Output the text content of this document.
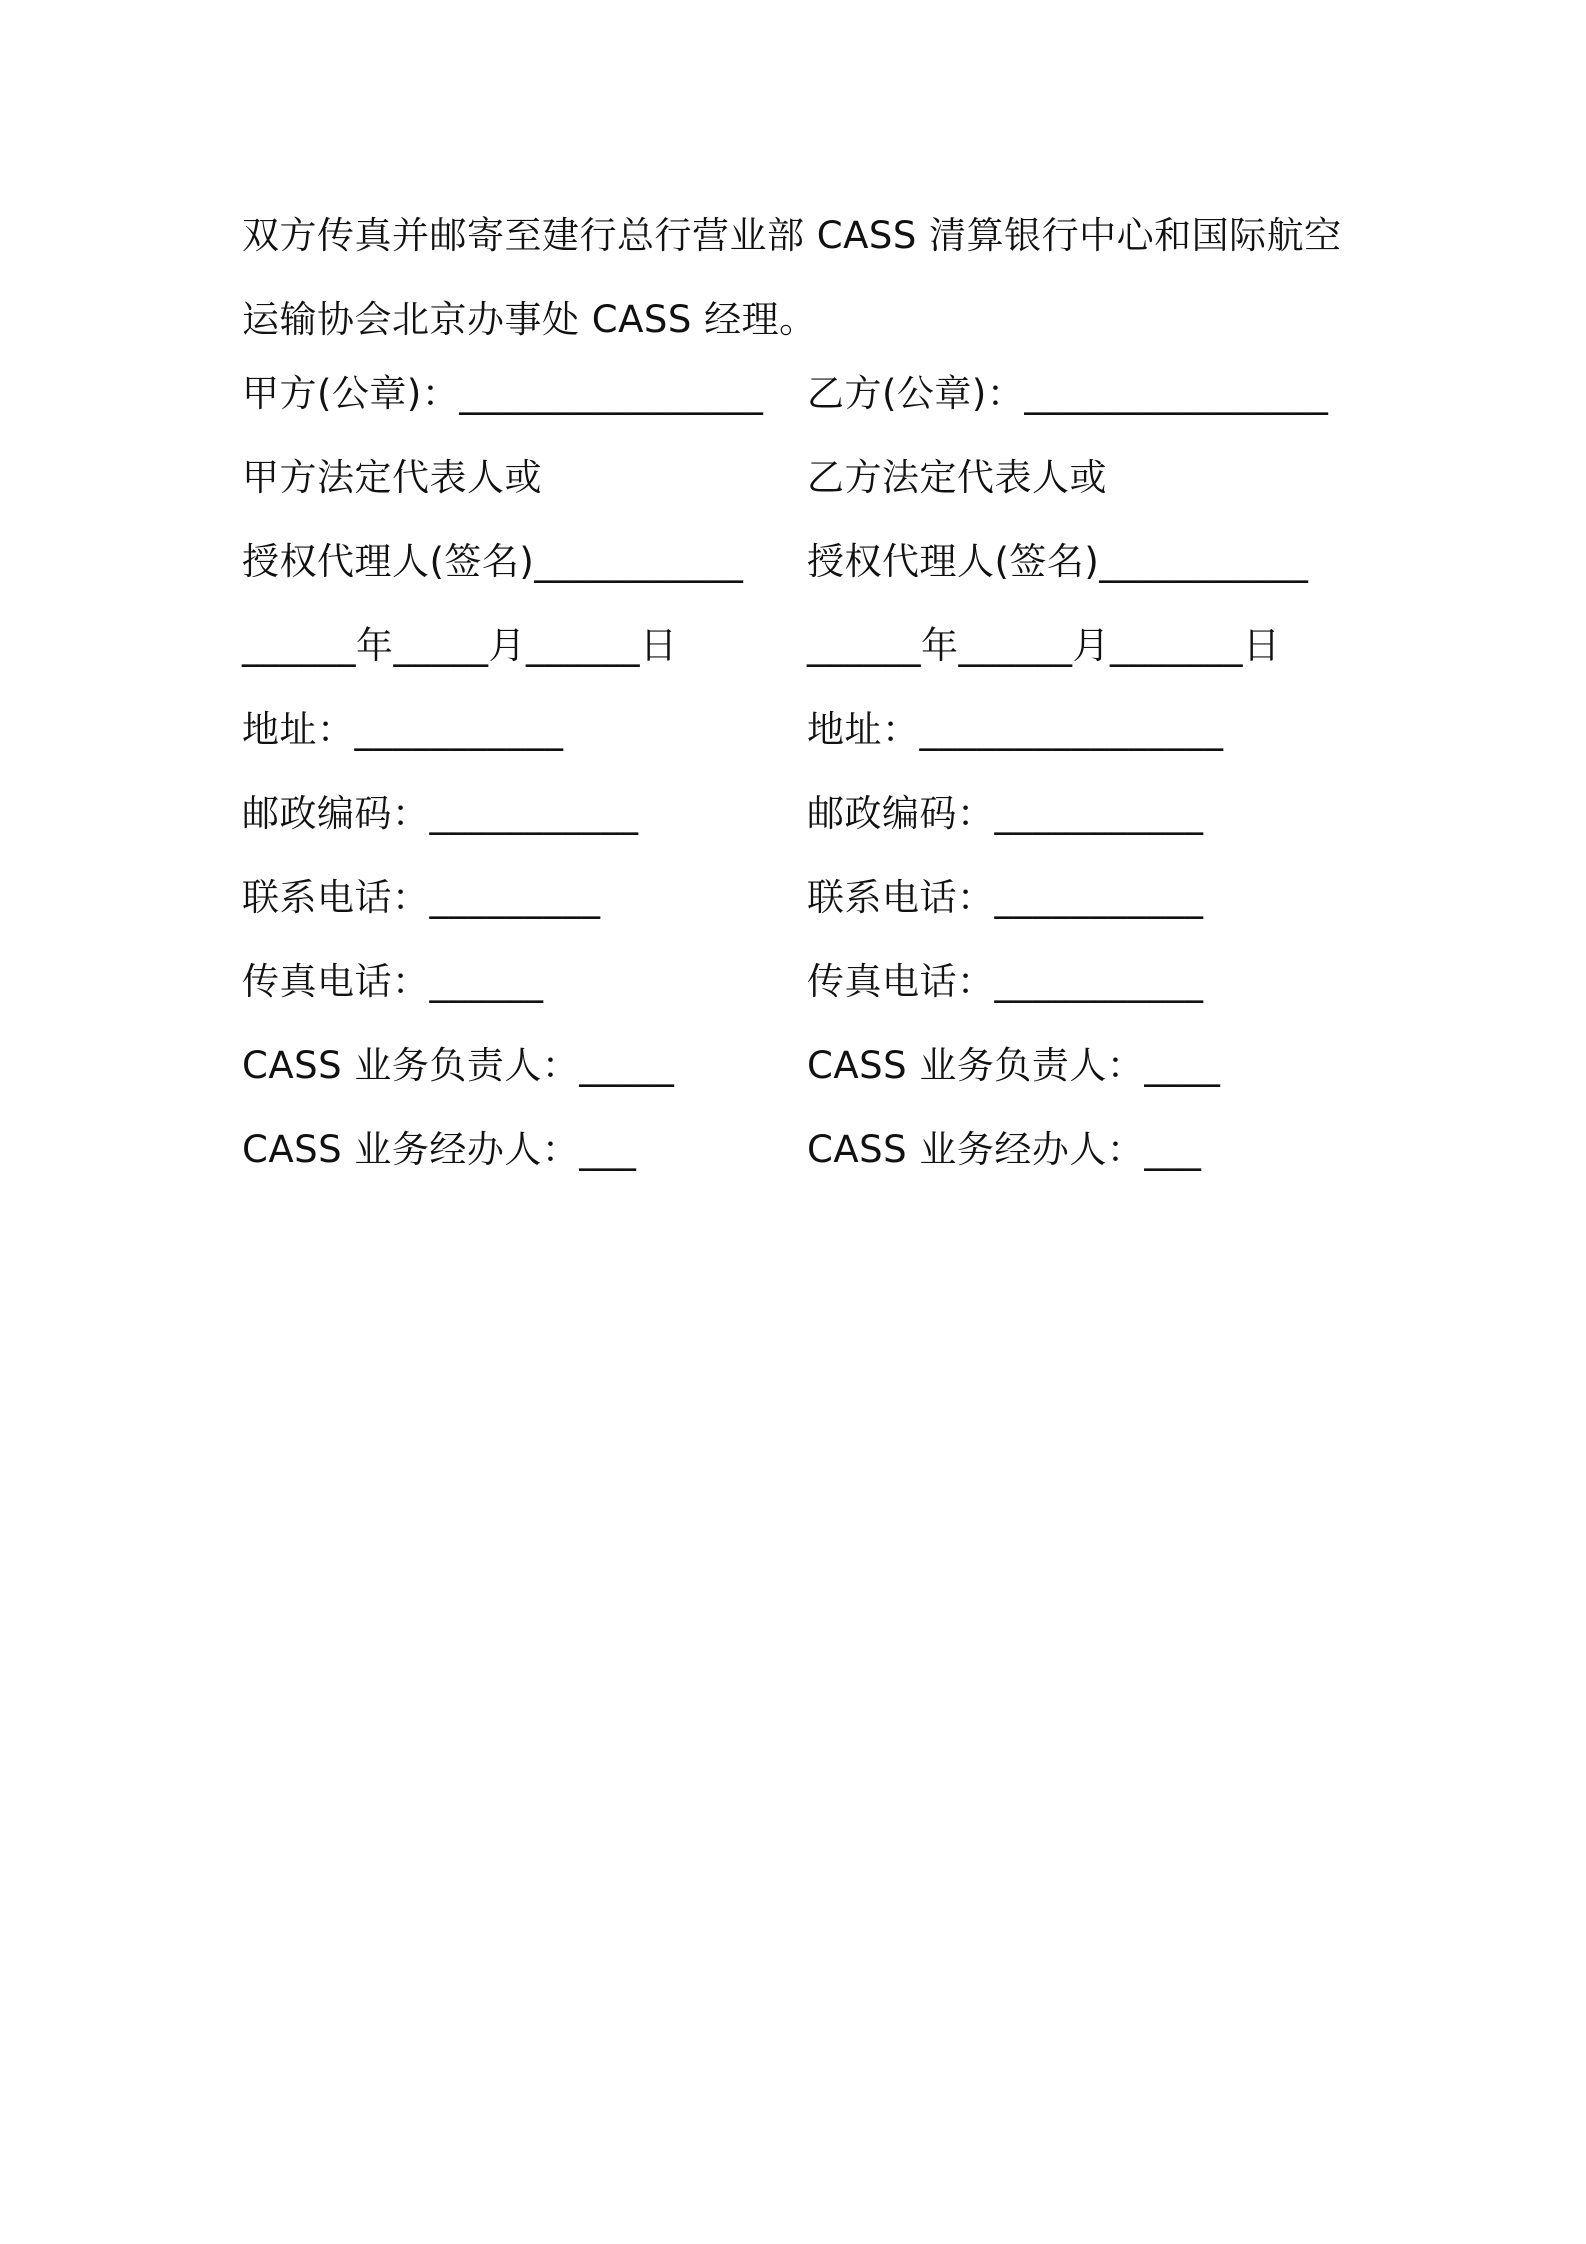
双方传真并邮寄至建行总行营业部 CASS 清算银行中心和国际航空
运输协会北京办事处 CASS 经理。
甲方(公章)：________________	乙方(公章)：________________
甲方法定代表人或	乙方法定代表人或
授权代理人(签名)___________	授权代理人(签名)___________
______年_____月______日	______年______月_______日
地址：___________	地址：________________
邮政编码：___________	邮政编码：___________
联系电话：_________	联系电话：___________
传真电话：______	传真电话：___________
CASS 业务负责人：_____	CASS 业务负责人：____
CASS 业务经办人：___	CASS 业务经办人：___
